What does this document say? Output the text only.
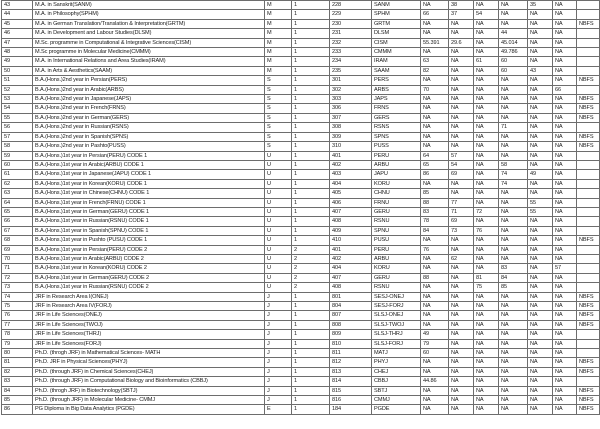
43	M.A. in Sanskrit(SANM)	M	1	228	SANM	NA	38	NA	NA	35	NA	
44	M.A. in Philosophy(SPHM)	M	1	229	SPHM	66	37	54	NA	NA	NA	
45	M.A. in German Translation/Translation & Interpretation(GRTM)	M	1	230	GRTM	NA	NA	NA	NA	NA	NA	NBFS
46	M.A. in Development and Labour Studies(DLSM)	M	1	231	DLSM	NA	NA	NA	44	NA	NA	
47	M.Sc. programme in Computational & Integrative Sciences(CISM)	M	1	232	CISM	55.391	29.6	NA	45.014	NA	NA	
48	M.Sc programme in Molecular Medicine(CMMM)	M	1	233	CMMM	NA	NA	NA	49.786	NA	NA	
49	M.A. in International Relations and Area Studies(IRAM)	M	1	234	IRAM	63	NA	61	60	NA	NA	
50	M.A. in Arts & Aesthetics(SAAM)	M	1	235	SAAM	82	NA	NA	60	43	NA	
51	B.A.(Hons.)2nd year in Persian(PERS)	S	1	301	PERS	NA	NA	NA	NA	NA	NA	NBFS
52	B.A.(Hons.)2nd year in Arabic(ARBS)	S	1	302	ARBS	70	NA	NA	NA	NA	66	
53	B.A.(Hons.)2nd year in Japanese(JAPS)	S	1	303	JAPS	NA	NA	NA	NA	NA	NA	NBFS
54	B.A.(Hons.)2nd year in French(FRNS)	S	1	306	FRNS	NA	NA	NA	NA	NA	NA	NBFS
55	B.A.(Hons.)2nd year in German(GERS)	S	1	307	GERS	NA	NA	NA	NA	NA	NA	NBFS
56	B.A.(Hons.)2nd year in Russian(RSNS)	S	1	308	RSNS	NA	NA	NA	71	NA	NA	
57	B.A.(Hons.)2nd year in Spanish(SPNS)	S	1	309	SPNS	NA	NA	NA	NA	NA	NA	NBFS
58	B.A.(Hons.)2nd year in Pashto(PUSS)	S	1	310	PUSS	NA	NA	NA	NA	NA	NA	NBFS
59	B.A.(Hons.)1st year in Persian(PERU) CODE 1	U	1	401	PERU	64	57	NA	NA	NA	NA	
60	B.A.(Hons.)1st year in Arabic(ARBU) CODE 1	U	1	402	ARBU	65	54	NA	58	NA	NA	
61	B.A.(Hons.)1st year in Japanese(JAPU) CODE 1	U	1	403	JAPU	86	69	NA	74	49	NA	
62	B.A.(Hons.)1st year in Korean(KORU) CODE 1	U	1	404	KORU	NA	NA	NA	74	NA	NA	
63	B.A.(Hons.)1st year in Chinese(CHNU) CODE 1	U	1	405	CHNU	85	NA	NA	NA	NA	NA	
64	B.A.(Hons.)1st year in French(FRNU) CODE 1	U	1	406	FRNU	88	77	NA	NA	55	NA	
65	B.A.(Hons.)1st year in German(GERU) CODE 1	U	1	407	GERU	83	71	72	NA	55	NA	
66	B.A.(Hons.)1st year in Russian(RSNU) CODE 1	U	1	408	RSNU	78	69	NA	NA	NA	NA	
67	B.A.(Hons.)1st year in Spanish(SPNU) CODE 1	U	1	409	SPNU	84	73	76	NA	NA	NA	
68	B.A.(Hons.)1st year in Pushto (PUSU) CODE 1	U	1	410	PUSU	NA	NA	NA	NA	NA	NA	NBFS
69	B.A.(Hons.)1st year in Persian(PERU) CODE 2	U	2	401	PERU	76	NA	NA	NA	NA	NA	
70	B.A.(Hons.)1st year in Arabic(ARBU) CODE 2	U	2	402	ARBU	NA	62	NA	NA	NA	NA	
71	B.A.(Hons.)1st year in Korean(KORU) CODE 2	U	2	404	KORU	NA	NA	NA	83	NA	57	
72	B.A.(Hons.)1st year in German(GERU) CODE 2	U	2	407	GERU	88	NA	81	84	NA	NA	
73	B.A.(Hons.)1st year in Russian(RSNU) CODE 2	U	2	408	RSNU	NA	NA	75	85	NA	NA	
74	JRF in Research Area I(ONEJ)	J	1	801	SESJ-ONEJ	NA	NA	NA	NA	NA	NA	NBFS
75	JRF in Research Area IV(FORJ)	J	1	804	SESJ-FORJ	NA	NA	NA	NA	NA	NA	NBFS
76	JRF in Life Sciences(ONEJ)	J	1	807	SLSJ-ONEJ	NA	NA	NA	NA	NA	NA	NBFS
77	JRF in Life Sciences(TWOJ)	J	1	808	SLSJ-TWOJ	NA	NA	NA	NA	NA	NA	NBFS
78	JRF in Life Sciences(THRJ)	J	1	809	SLSJ-THRJ	49	NA	NA	NA	NA	NA	
79	JRF in Life Sciences(FORJ)	J	1	810	SLSJ-FORJ	79	NA	NA	NA	NA	NA	
80	Ph.D. (throgh JRF) in Mathematical Sciences- MATH	J	1	811	MATJ	60	NA	NA	NA	NA	NA	
81	Ph.D. JRF in Physical Sciences(PHYJ)	J	1	812	PHYJ	NA	NA	NA	NA	NA	NA	NBFS
82	Ph.D. (through JRF) in Chemical Sciences(CHEJ)	J	1	813	CHEJ	NA	NA	NA	NA	NA	NA	NBFS
83	Ph.D. (through JRF) in Computational Biology and Bioinformatics (CBBJ)	J	1	814	CBBJ	44.86	NA	NA	NA	NA	NA	
84	Ph.D. (throgh JRF) in Biotechnology(SBTJ)	J	1	815	SBTJ	NA	NA	NA	NA	NA	NA	NBFS
85	Ph.D. (through JRF) in Molecular Medicine- CMMJ	J	1	816	CMMJ	NA	NA	NA	NA	NA	NA	NBFS
86	PG Diploma in Big Data Analytics (PGDE)	E	1	184	PGDE	NA	NA	NA	NA	NA	NA	NBFS
